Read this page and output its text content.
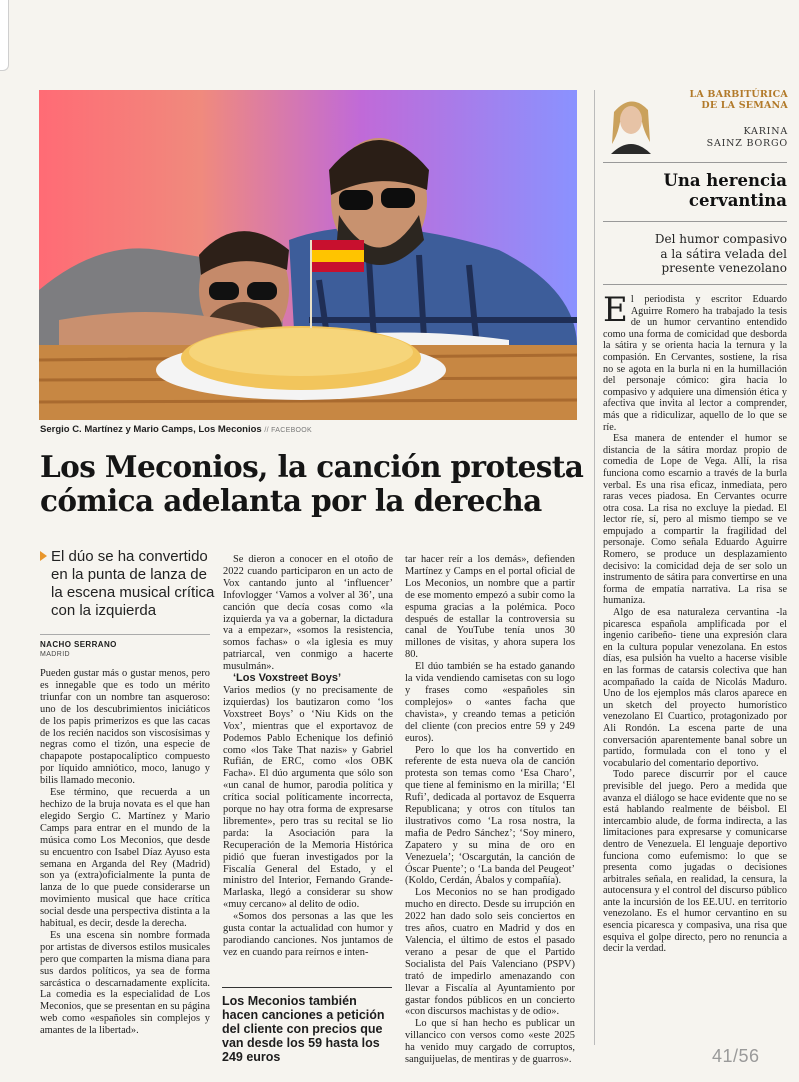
Sergio C. Martínez y Mario Camps, Los Meconios // FACEBOOK
Los Meconios, la canción protesta
cómica adelanta por la derecha
El dúo se ha convertido en la punta de lanza de la escena musical crítica con la izquierda
NACHO SERRANO
MADRID

Pueden gustar más o gustar menos, pero es innegable que es todo un mérito triunfar con un nombre tan asqueroso: uno de los descubrimientos iniciáticos de los papis primerizos es que las cacas de los recién nacidos son viscosísimas y negras como el tizón, una especie de chapapote postapocalíptico compuesto por líquido amniótico, moco, lanugo y bilis llamado meconio.

Ese término, que recuerda a un hechizo de la bruja novata es el que han elegido Sergio C. Martínez y Mario Camps para entrar en el mundo de la música como Los Meconios, que desde su encuentro con Isabel Díaz Ayuso esta semana en Arganda del Rey (Madrid) son ya (extra)oficialmente la punta de lanza de lo que puede considerarse un movimiento musical que hace crítica social desde una perspectiva distinta a la habitual, es decir, desde la derecha.

Es una escena sin nombre formada por artistas de diversos estilos musicales pero que comparten la misma diana para sus dardos políticos, ya sea de forma sarcástica o descarnadamente explícita. La comedia es la especialidad de Los Meconios, que se presentan en su página web como «españoles sin complejos y amantes de la libertad».

Se dieron a conocer en el otoño de 2022 cuando participaron en un acto de Vox cantando junto al ‘influencer’ Infovlogger ‘Vamos a volver al 36’, una canción que decía cosas como «la izquierda ya va a gobernar, la dictadura va a empezar», «somos la resistencia, somos fachas» o «la iglesia es muy patriarcal, ven conmigo a hacerte musulmán».

‘Los Voxstreet Boys’

Varios medios (y no precisamente de izquierdas) los bautizaron como ‘los Voxstreet Boys’ o ‘Niu Kids on the Vox’, mientras que el exportavoz de Podemos Pablo Echenique los definió como «los Take That nazis» y Gabriel Rufián, de ERC, como «los OBK Facha». El dúo argumenta que sólo son «un canal de humor, parodia política y crítica social políticamente incorrecta, porque no hay otra forma de expresarse libremente», pero tras su recital se lio parda: la Asociación para la Recuperación de la Memoria Histórica pidió que fueran investigados por la Fiscalía General del Estado, y el ministro del Interior, Fernando Grande-Marlaska, llegó a considerar su show «muy cercano» al delito de odio.

«Somos dos personas a las que les gusta contar la actualidad con humor y parodiando canciones. Nos juntamos de vez en cuando para reírnos e inten-

Los Meconios también hacen canciones a petición del cliente con precios que van desde los 59 hasta los 249 euros

tar hacer reír a los demás», defienden Martínez y Camps en el portal oficial de Los Meconios, un nombre que a partir de ese momento empezó a subir como la espuma gracias a la polémica. Poco después de estallar la controversia su canal de YouTube tenía unos 30 millones de visitas, y ahora supera los 80.

El dúo también se ha estado ganando la vida vendiendo camisetas con su logo y frases como «españoles sin complejos» o «antes facha que chavista», y creando temas a petición del cliente (con precios entre 59 y 249 euros).

Pero lo que los ha convertido en referente de esta nueva ola de canción protesta son temas como ‘Esa Charo’, que tiene al feminismo en la mirilla; ‘El Rufi’, dedicada al portavoz de Esquerra Republicana; y otros con títulos tan ilustrativos como ‘La rosa nostra, la mafia de Pedro Sánchez’; ‘Soy minero, Zapatero y su mina de oro en Venezuela’; ‘Oscargután, la canción de Óscar Puente’; o ‘La banda del Peugeot’ (Koldo, Cerdán, Ábalos y compañía).

Los Meconios no se han prodigado mucho en directo. Desde su irrupción en 2022 han dado solo seis conciertos en tres años, cuatro en Madrid y dos en Valencia, el último de estos el pasado verano a pesar de que el Partido Socialista del País Valenciano (PSPV) trató de impedirlo amenazando con llevar a Fiscalía al Ayuntamiento por gastar fondos públicos en un concierto «con discursos machistas y de odio».

Lo que sí han hecho es publicar un villancico con versos como «este 2025 ha venido muy cargado de corruptos, sanguijuelas, de mentiras y de guarros».

LA BARBITÚRICA
DE LA SEMANA
KARINA
SAINZ BORGO
Una herencia
cervantina
Del humor compasivo
a la sátira velada del
presente venezolano

El periodista y escritor Eduardo Aguirre Romero ha trabajado la tesis de un humor cervantino entendido como una forma de comicidad que desborda la sátira y se orienta hacia la ternura y la compasión. En Cervantes, sostiene, la risa no se agota en la burla ni en la humillación del personaje cómico: gira hacia lo compasivo y adquiere una dimensión ética y afectiva que invita al lector a comprender, más que a ridiculizar, aquello de lo que se ríe.

Esa manera de entender el humor se distancia de la sátira mordaz propio de comedia de Lope de Vega. Allí, la risa funciona como escarnio a través de la burla verbal. Es una risa eficaz, inmediata, pero raras veces piadosa. En Cervantes ocurre otra cosa. La risa no excluye la piedad. El lector ríe, sí, pero al mismo tiempo se ve empujado a compartir la fragilidad del personaje. Como señala Eduardo Aguirre Romero, se produce un desplazamiento decisivo: la comicidad deja de ser solo un instrumento de sátira para convertirse en una forma de empatía narrativa. La risa se humaniza.

Algo de esa naturaleza cervantina -la picaresca española amplificada por el ingenio caribeño- tiene una expresión clara en la cultura popular venezolana. En estos días, esa pulsión ha vuelto a hacerse visible en las formas de catarsis colectiva que han acompañado la caída de Nicolás Maduro. Uno de los ejemplos más claros aparece en un sketch del proyecto humorístico venezolano El Cuartico, protagonizado por Ali Rondón. La escena parte de una conversación aparentemente banal sobre un partido, formulada con el tono y el vocabulario del comentario deportivo.

Todo parece discurrir por el cauce previsible del juego. Pero a medida que avanza el diálogo se hace evidente que no se está hablando realmente de béisbol. El intercambio alude, de forma indirecta, a las limitaciones para expresarse y comunicarse dentro de Venezuela. El lenguaje deportivo funciona como eufemismo: lo que se presenta como jugadas o decisiones arbitrales señala, en realidad, la censura, la autocensura y el control del discurso público ante la incursión de los EE.UU. en territorio venezolano. Es el humor cervantino en su esencia picaresca y compasiva, una risa que esquiva el golpe directo, pero no renuncia a decir la verdad.

41/56
